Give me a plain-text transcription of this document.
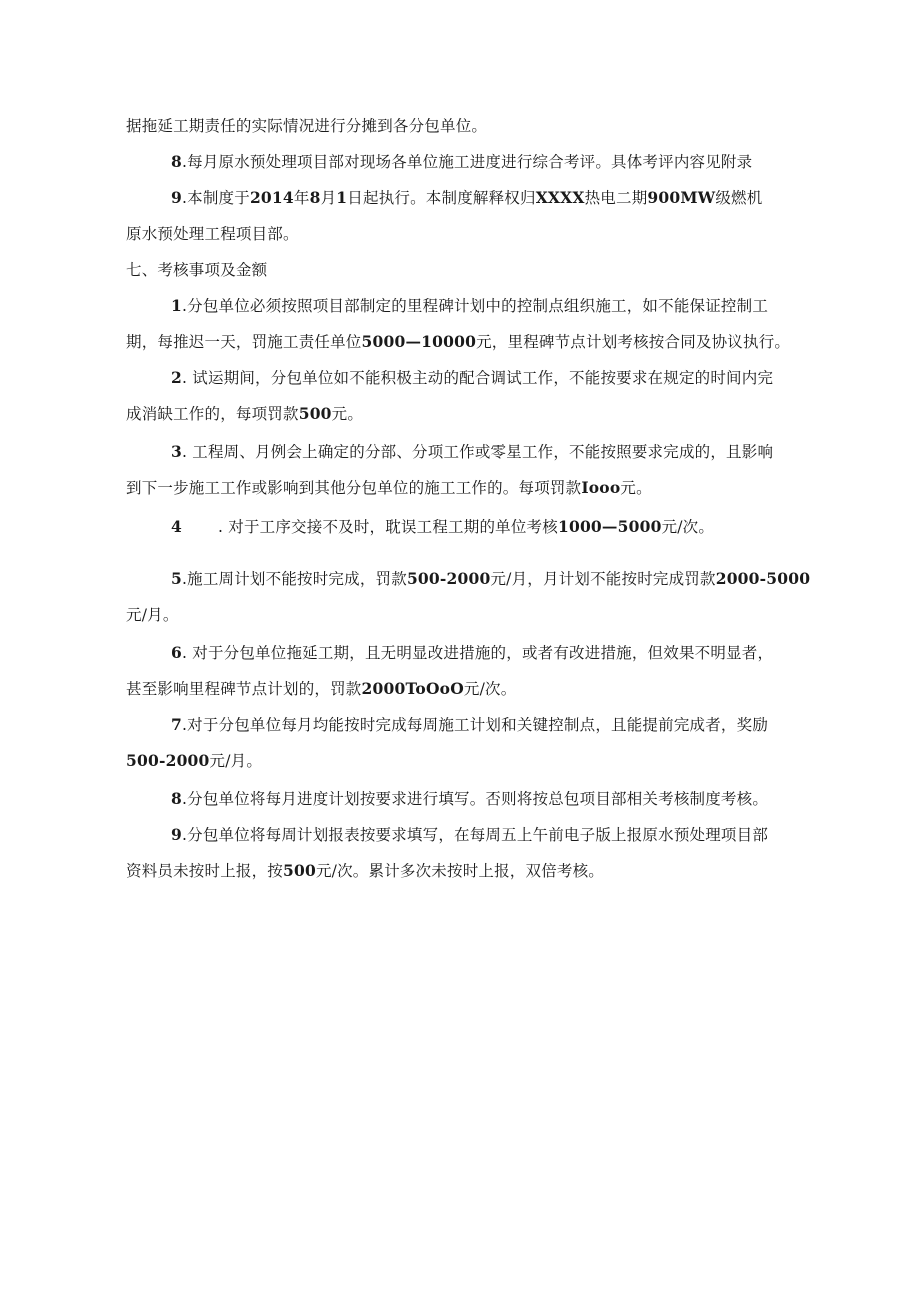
据拖延工期责任的实际情况进行分摊到各分包单位。
8.每月原水预处理项目部对现场各单位施工进度进行综合考评。具体考评内容见附录
9.本制度于2014年8月1日起执行。本制度解释权归XXXX热电二期900MW级燃机
原水预处理工程项目部。
七、考核事项及金额
1.分包单位必须按照项目部制定的里程碑计划中的控制点组织施工，如不能保证控制工
期，每推迟一天，罚施工责任单位5000—10000元，里程碑节点计划考核按合同及协议执行。
2. 试运期间，分包单位如不能积极主动的配合调试工作，不能按要求在规定的时间内完
成消缺工作的，每项罚款500元。
3. 工程周、月例会上确定的分部、分项工作或零星工作，不能按照要求完成的，且影响
到下一步施工工作或影响到其他分包单位的施工工作的。每项罚款Iooo元。
4 . 对于工序交接不及时，耽误工程工期的单位考核1000—5000元/次。
5.施工周计划不能按时完成，罚款500-2000元/月，月计划不能按时完成罚款2000-5000
元/月。
6. 对于分包单位拖延工期，且无明显改进措施的，或者有改进措施，但效果不明显者，
甚至影响里程碑节点计划的，罚款2000ToOoO元/次。
7.对于分包单位每月均能按时完成每周施工计划和关键控制点，且能提前完成者，奖励
500-2000元/月。
8.分包单位将每月进度计划按要求进行填写。否则将按总包项目部相关考核制度考核。
9.分包单位将每周计划报表按要求填写，在每周五上午前电子版上报原水预处理项目部
资料员未按时上报，按500元/次。累计多次未按时上报，双倍考核。
